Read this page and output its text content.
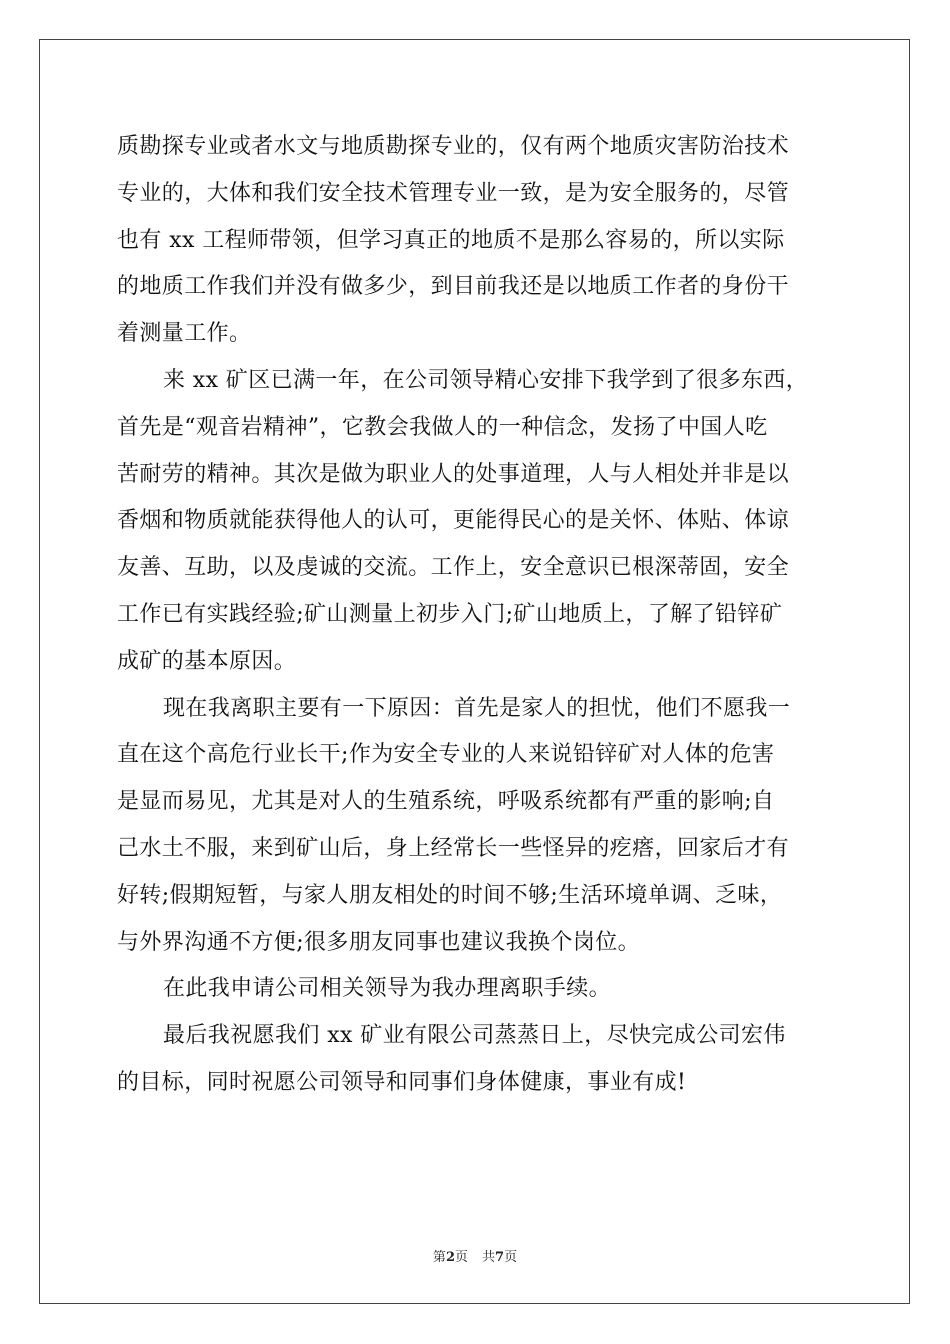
质勘探专业或者水文与地质勘探专业的，仅有两个地质灾害防治技术
专业的，大体和我们安全技术管理专业一致，是为安全服务的，尽管
也有 xx 工程师带领，但学习真正的地质不是那么容易的，所以实际
的地质工作我们并没有做多少，到目前我还是以地质工作者的身份干
着测量工作。
来 xx 矿区已满一年，在公司领导精心安排下我学到了很多东西，
首先是“观音岩精神”，它教会我做人的一种信念，发扬了中国人吃
苦耐劳的精神。其次是做为职业人的处事道理，人与人相处并非是以
香烟和物质就能获得他人的认可，更能得民心的是关怀、体贴、体谅
友善、互助，以及虔诚的交流。工作上，安全意识已根深蒂固，安全
工作已有实践经验;矿山测量上初步入门;矿山地质上，了解了铅锌矿
成矿的基本原因。
现在我离职主要有一下原因：首先是家人的担忧，他们不愿我一
直在这个高危行业长干;作为安全专业的人来说铅锌矿对人体的危害
是显而易见，尤其是对人的生殖系统，呼吸系统都有严重的影响;自
己水土不服，来到矿山后，身上经常长一些怪异的疙瘩，回家后才有
好转;假期短暂，与家人朋友相处的时间不够;生活环境单调、乏味，
与外界沟通不方便;很多朋友同事也建议我换个岗位。
在此我申请公司相关领导为我办理离职手续。
最后我祝愿我们 xx 矿业有限公司蒸蒸日上，尽快完成公司宏伟
的目标，同时祝愿公司领导和同事们身体健康，事业有成!
第2页 共7页
